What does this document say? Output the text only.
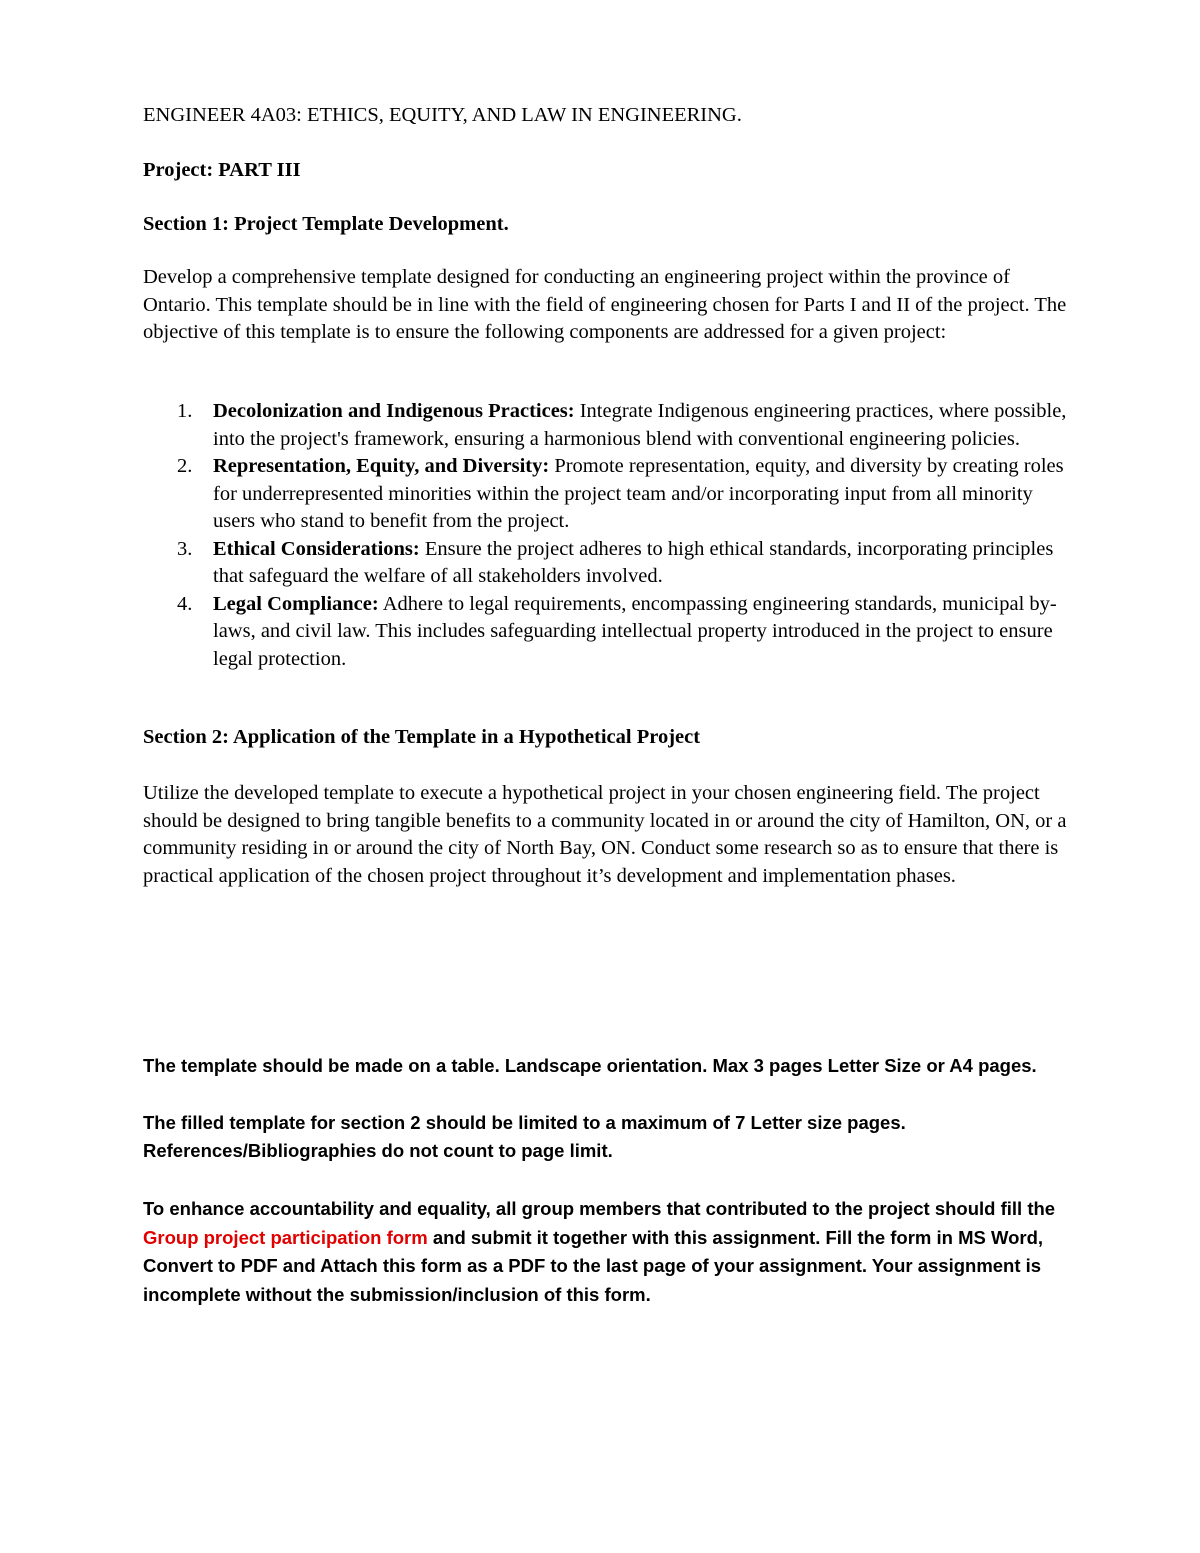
ENGINEER 4A03: ETHICS, EQUITY, AND LAW IN ENGINEERING.

Project: PART III

Section 1: Project Template Development.

Develop a comprehensive template designed for conducting an engineering project within the province of Ontario. This template should be in line with the field of engineering chosen for Parts I and II of the project. The objective of this template is to ensure the following components are addressed for a given project:

1. Decolonization and Indigenous Practices: Integrate Indigenous engineering practices, where possible, into the project's framework, ensuring a harmonious blend with conventional engineering policies.
2. Representation, Equity, and Diversity: Promote representation, equity, and diversity by creating roles for underrepresented minorities within the project team and/or incorporating input from all minority users who stand to benefit from the project.
3. Ethical Considerations: Ensure the project adheres to high ethical standards, incorporating principles that safeguard the welfare of all stakeholders involved.
4. Legal Compliance: Adhere to legal requirements, encompassing engineering standards, municipal by-laws, and civil law. This includes safeguarding intellectual property introduced in the project to ensure legal protection.

Section 2: Application of the Template in a Hypothetical Project

Utilize the developed template to execute a hypothetical project in your chosen engineering field. The project should be designed to bring tangible benefits to a community located in or around the city of Hamilton, ON, or a community residing in or around the city of North Bay, ON. Conduct some research so as to ensure that there is practical application of the chosen project throughout it’s development and implementation phases.

The template should be made on a table. Landscape orientation. Max 3 pages Letter Size or A4 pages.

The filled template for section 2 should be limited to a maximum of 7 Letter size pages.

References/Bibliographies do not count to page limit.

To enhance accountability and equality, all group members that contributed to the project should fill the Group project participation form and submit it together with this assignment. Fill the form in MS Word, Convert to PDF and Attach this form as a PDF to the last page of your assignment. Your assignment is incomplete without the submission/inclusion of this form.
